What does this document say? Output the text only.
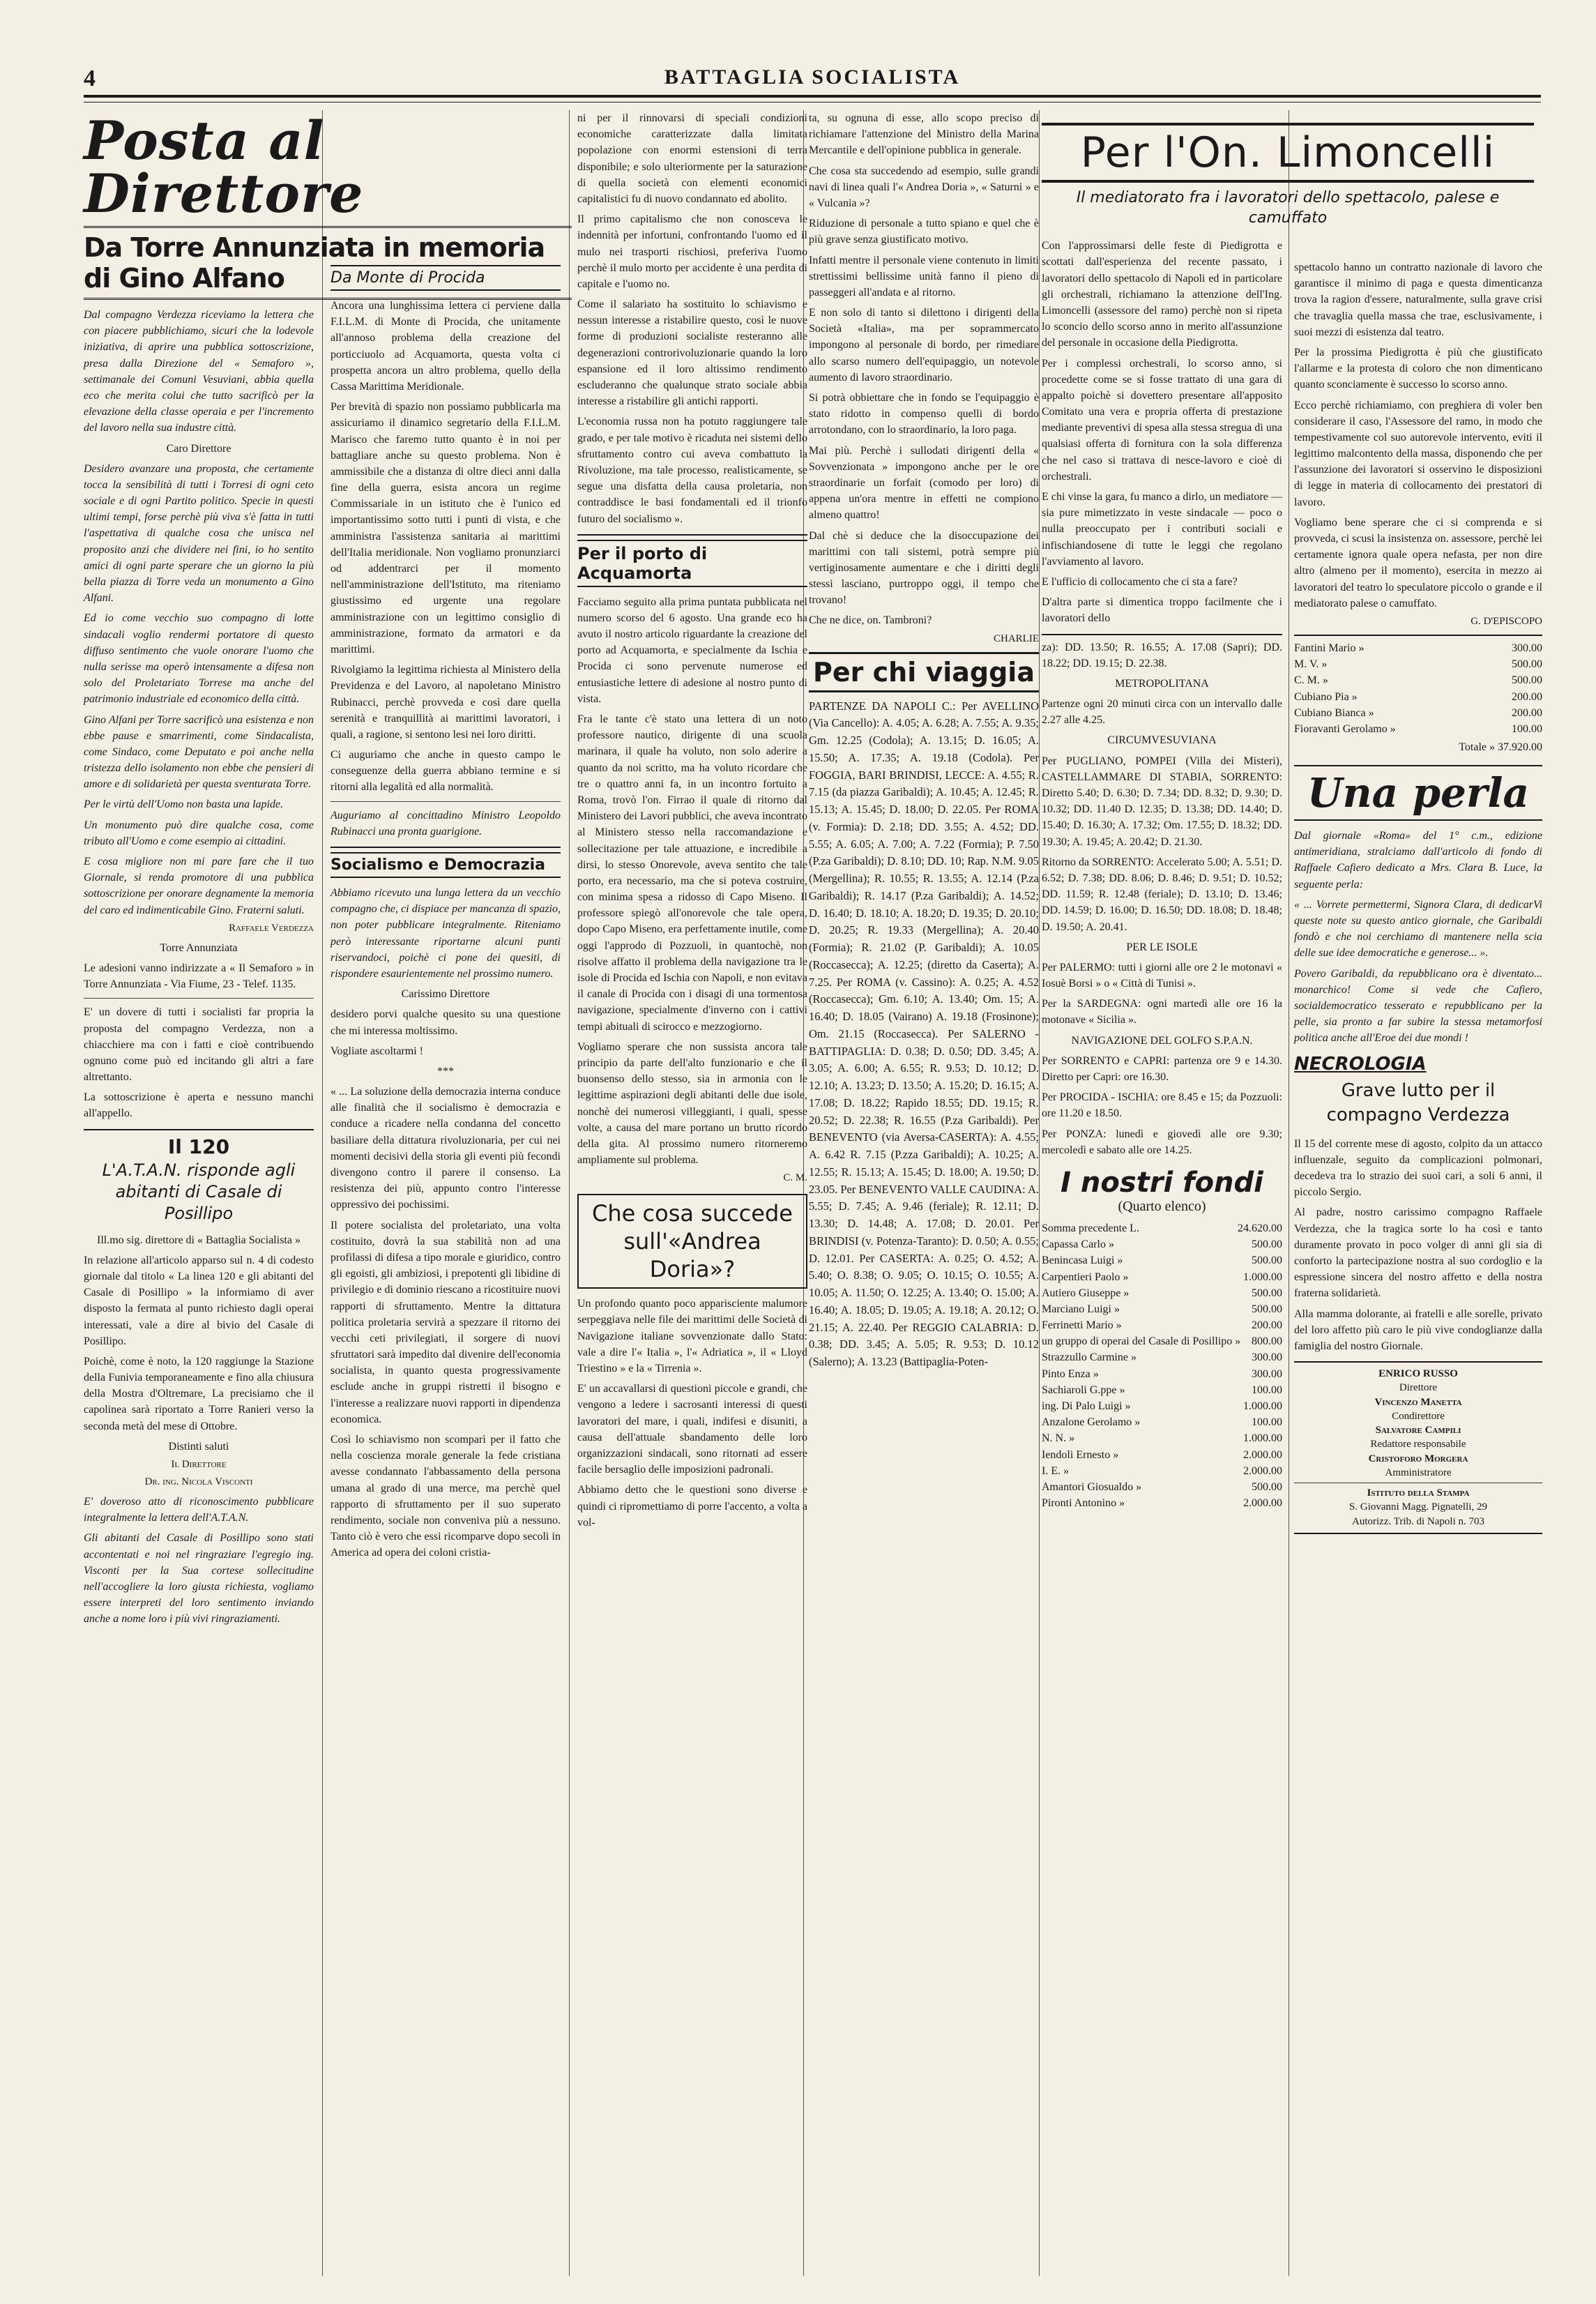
4	BATTAGLIA SOCIALISTA
Posta al Direttore
Da Torre Annunziata in memoria di Gino Alfano

Dal compagno Verdezza riceviamo la lettera che con piacere pubblichiamo, sicuri che la lodevole iniziativa, di aprire una pubblica sottoscrizione, presa dalla Direzione del « Semaforo », settimanale dei Comuni Vesuviani, abbia quella eco che merita colui che tutto sacrificò per la elevazione della classe operaia e per l'incremento del lavoro nella sua industre città.

Caro Direttore

Desidero avanzare una proposta, che certamente tocca la sensibilità di tutti i Torresi di ogni ceto sociale e di ogni Partito politico. Specie in questi ultimi tempi, forse perchè più viva s'è fatta in tutti l'aspettativa di qualche cosa che unisca nel proposito anzi che dividere nei fini, io ho sentito amici di ogni parte sperare che un giorno la più bella piazza di Torre veda un monumento a Gino Alfani.

Ed io come vecchio suo compagno di lotte sindacali voglio rendermi portatore di questo diffuso sentimento che vuole onorare l'uomo che nulla serisse ma operò intensamente a difesa non solo del Proletariato Torrese ma anche del patrimonio industriale ed economico della città.

Gino Alfani per Torre sacrificò una esistenza e non ebbe pause e smarrimenti, come Sindacalista, come Sindaco, come Deputato e poi anche nella tristezza dello isolamento non ebbe che pensieri di amore e di solidarietà per questa sventurata Torre.

Per le virtù dell'Uomo non basta una lapide.

Un monumento può dire qualche cosa, come tributo all'Uomo e come esempio ai cittadini.

E cosa migliore non mi pare fare che il tuo Giornale, si renda promotore di una pubblica sottoscrizione per onorare degnamente la memoria del caro ed indimenticabile Gino. Fraterni saluti.

Raffaele Verdezza

Torre Annunziata

Le adesioni vanno indirizzate a « Il Semaforo » in Torre Annunziata - Via Fiume, 23 - Telef. 1135.

E' un dovere di tutti i socialisti far propria la proposta del compagno Verdezza, non a chiacchiere ma con i fatti e cioè contribuendo ognuno come può ed incitando gli altri a fare altrettanto.

La sottoscrizione è aperta e nessuno manchi all'appello.

Il 120
L'A.T.A.N. risponde agli abitanti di Casale di Posillipo

Ill.mo sig. direttore di « Battaglia Socialista »

In relazione all'articolo apparso sul n. 4 di codesto giornale dal titolo « La linea 120 e gli abitanti del Casale di Posillipo » la informiamo di aver disposto la fermata al punto richiesto dagli operai interessati, vale a dire al bivio del Casale di Posillipo.

Poichè, come è noto, la 120 raggiunge la Stazione della Funivia temporaneamente e fino alla chiusura della Mostra d'Oltremare, La precisiamo che il capolinea sarà riportato a Torre Ranieri verso la seconda metà del mese di Ottobre.

Distinti saluti

Il Direttore
Dr. ing. Nicola Visconti

E' doveroso atto di riconoscimento pubblicare integralmente la lettera dell'A.T.A.N.

Gli abitanti del Casale di Posillipo sono stati accontentati e noi nel ringraziare l'egregio ing. Visconti per la Sua cortese sollecitudine nell'accogliere la loro giusta richiesta, vogliamo essere interpreti del loro sentimento inviando anche a nome loro i più vivi ringraziamenti.

Da Monte di Procida

Ancora una lunghissima lettera ci perviene dalla F.I.L.M. di Monte di Procida, che unitamente all'annoso problema della creazione del porticciuolo ad Acquamorta, questa volta ci prospetta ancora un altro problema, quello della Cassa Marittima Meridionale.

Per brevità di spazio non possiamo pubblicarla ma assicuriamo il dinamico segretario della F.I.L.M. Marisco che faremo tutto quanto è in noi per battagliare anche su questo problema. Non è ammissibile che a distanza di oltre dieci anni dalla fine della guerra, esista ancora un regime Commissariale in un istituto che è l'unico ed importantissimo sotto tutti i punti di vista, e che amministra l'assistenza sanitaria ai marittimi dell'Italia meridionale. Non vogliamo pronunziarci od addentrarci per il momento nell'amministrazione dell'Istituto, ma riteniamo giustissimo ed urgente una regolare amministrazione con un legittimo consiglio di amministrazione, formato da armatori e da marittimi.

Rivolgiamo la legittima richiesta al Ministero della Previdenza e del Lavoro, al napoletano Ministro Rubinacci, perchè provveda e così dare quella serenità e tranquillità ai marittimi lavoratori, i quali, a ragione, si sentono lesi nei loro diritti.

Ci auguriamo che anche in questo campo le conseguenze della guerra abbiano termine e si ritorni alla legalità ed alla normalità.

Auguriamo al concittadino Ministro Leopoldo Rubinacci una pronta guarigione.

Socialismo e Democrazia

Abbiamo ricevuto una lunga lettera da un vecchio compagno che, ci dispiace per mancanza di spazio, non poter pubblicare integralmente. Riteniamo però interessante riportarne alcuni punti riservandoci, poichè ci pone dei quesiti, di rispondere esaurientemente nel prossimo numero.

Carissimo Direttore

desidero porvi qualche quesito su una questione che mi interessa moltissimo.

Vogliate ascoltarmi !

***

« ... La soluzione della democrazia interna conduce alle finalità che il socialismo è democrazia e conduce a ricadere nella condanna del concetto basiliare della dittatura rivoluzionaria, per cui nei momenti decisivi della storia gli eventi più fecondi divengono contro il parere il consenso. La resistenza dei più, appunto contro l'interesse oppressivo dei pochissimi.

Il potere socialista del proletariato, una volta costituito, dovrà la sua stabilità non ad una profilassi di difesa a tipo morale e giuridico, contro gli egoisti, gli ambiziosi, i prepotenti gli libidine di privilegio e di dominio riescano a ricostituire nuovi rapporti di sfruttamento. Mentre la dittatura politica proletaria servirà a spezzare il ritorno dei vecchi ceti privilegiati, il sorgere di nuovi sfruttatori sarà impedito dal divenire dell'economia socialista, in quanto questa progressivamente esclude anche in gruppi ristretti il bisogno e l'interesse a realizzare nuovi rapporti in dipendenza economica.

Così lo schiavismo non scomparì per il fatto che nella coscienza morale generale la fede cristiana avesse condannato l'abbassamento della persona umana al grado di una merce, ma perchè quel rapporto di sfruttamento per il suo superato rendimento, sociale non conveniva più a nessuno. Tanto ciò è vero che essi ricomparve dopo secoli in America ad opera dei coloni cristia-

ni per il rinnovarsi di speciali condizioni economiche caratterizzate dalla limitata popolazione con enormi estensioni di terra disponibile; e solo ulteriormente per la saturazione di quella società con elementi economici capitalistici fu di nuovo condannato ed abolito.

Il primo capitalismo che non conosceva le indennità per infortuni, confrontando l'uomo ed il mulo nei trasporti rischiosi, preferiva l'uomo perchè il mulo morto per accidente è una perdita di capitale e l'uomo no.

Come il salariato ha sostituito lo schiavismo e nessun interesse a ristabilire questo, così le nuove forme di produzioni socialiste resteranno alle degenerazioni controrivoluzionarie quando la loro espansione ed il loro altissimo rendimento escluderanno che qualunque strato sociale abbia interesse a ristabilire gli antichi rapporti.

L'economia russa non ha potuto raggiungere tale grado, e per tale motivo è ricaduta nei sistemi dello sfruttamento contro cui aveva combattuto la Rivoluzione, ma tale processo, realisticamente, se segue una disfatta della causa proletaria, non contraddisce le basi fondamentali ed il trionfo futuro del socialismo ».

Per il porto di Acquamorta

Facciamo seguito alla prima puntata pubblicata nel numero scorso del 6 agosto. Una grande eco ha avuto il nostro articolo riguardante la creazione del porto ad Acquamorta, e specialmente da Ischia e Procida ci sono pervenute numerose ed entusiastiche lettere di adesione al nostro punto di vista.

Fra le tante c'è stato una lettera di un noto professore nautico, dirigente di una scuola marinara, il quale ha voluto, non solo aderire a quanto da noi scritto, ma ha voluto ricordare che tre o quattro anni fa, in un incontro fortuito a Roma, trovò l'on. Firrao il quale di ritorno dal Ministero dei Lavori pubblici, che aveva incontrato al Ministero stesso nella raccomandazione e sollecitazione per tale attuazione, e incredibile a dirsi, lo stesso Onorevole, aveva sentito che tale porto, era necessario, ma che si poteva costruire, con minima spesa a ridosso di Capo Miseno. Il professore spiegò all'onorevole che tale opera, dopo Capo Miseno, era perfettamente inutile, come oggi l'approdo di Pozzuoli, in quantochè, non risolve affatto il problema della navigazione tra le isole di Procida ed Ischia con Napoli, e non evitava il canale di Procida con i disagi di una tormentosa navigazione, specialmente d'inverno con i cattivi tempi abituali di scirocco e mezzogiorno.

Vogliamo sperare che non sussista ancora tale principio da parte dell'alto funzionario e che il buonsenso dello stesso, sia in armonia con le legittime aspirazioni degli abitanti delle due isole, nonchè dei numerosi villeggianti, i quali, spesse volte, a causa del mare portano un brutto ricordo della gita. Al prossimo numero ritorneremo ampliamente sul problema.

C. M.
Che cosa succede sull'«Andrea Doria»?

Un profondo quanto poco apparisciente malumore serpeggiava nelle file dei marittimi delle Società di Navigazione italiane sovvenzionate dallo Stato: vale a dire l'« Italia », l'« Adriatica », il « Lloyd Triestino » e la « Tirrenia ».

E' un accavallarsi di questioni piccole e grandi, che vengono a ledere i sacrosanti interessi di questi lavoratori del mare, i quali, indifesi e disuniti, a causa dell'attuale sbandamento delle loro organizzazioni sindacali, sono ritornati ad essere facile bersaglio delle imposizioni padronali.

Abbiamo detto che le questioni sono diverse e quindi ci ripromettiamo di porre l'accento, a volta a vol-

ta, su ognuna di esse, allo scopo preciso di richiamare l'attenzione del Ministro della Marina Mercantile e dell'opinione pubblica in generale.

Che cosa sta succedendo ad esempio, sulle grandi navi di linea quali l'« Andrea Doria », « Saturni » e « Vulcania »?

Riduzione di personale a tutto spiano e quel che è più grave senza giustificato motivo.

Infatti mentre il personale viene contenuto in limiti strettissimi bellissime unità fanno il pieno di passeggeri all'andata e al ritorno.

E non solo di tanto si dilettono i dirigenti della Società «Italia», ma per soprammercato impongono al personale di bordo, per rimediare allo scarso numero dell'equipaggio, un notevole aumento di lavoro straordinario.

Si potrà obbiettare che in fondo se l'equipaggio è stato ridotto in compenso quelli di bordo arrotondano, con lo straordinario, la loro paga.

Mai più. Perchè i sullodati dirigenti della « Sovvenzionata » impongono anche per le ore straordinarie un forfait (comodo per loro) di appena un'ora mentre in effetti ne compiono almeno quattro!

Dal chè si deduce che la disoccupazione dei marittimi con tali sistemi, potrà sempre più vertiginosamente aumentare e che i diritti degli stessi lasciano, purtroppo oggi, il tempo che trovano!

Che ne dice, on. Tambroni?

CHARLIE
Per chi viaggia

PARTENZE DA NAPOLI C.: Per AVELLINO (Via Cancello): A. 4.05; A. 6.28; A. 7.55; A. 9.35; Gm. 12.25 (Codola); A. 13.15; D. 16.05; A. 15.50; A. 17.35; A. 19.18 (Codola). Per FOGGIA, BARI BRINDISI, LECCE: A. 4.55; R. 7.15 (da piazza Garibaldi); A. 10.45; A. 12.45; R. 15.13; A. 15.45; D. 18.00; D. 22.05. Per ROMA (v. Formia): D. 2.18; DD. 3.55; A. 4.52; DD. 5.55; A. 6.05; A. 7.00; A. 7.22 (Formia); P. 7.50 (P.za Garibaldi); D. 8.10; DD. 10; Rap. N.M. 9.05 (Mergellina); R. 10.55; R. 13.55; A. 12.14 (P.za Garibaldi); R. 14.17 (P.za Garibaldi); A. 14.52; D. 16.40; D. 18.10; A. 18.20; D. 19.35; D. 20.10; D. 20.25; R. 19.33 (Mergellina); A. 20.40 (Formia); R. 21.02 (P. Garibaldi); A. 10.05 (Roccasecca); A. 12.25; (diretto da Caserta); A. 7.25. Per ROMA (v. Cassino): A. 0.25; A. 4.52 (Roccasecca); Gm. 6.10; A. 13.40; Om. 15; A. 16.40; D. 18.05 (Vairano) A. 19.18 (Frosinone); Om. 21.15 (Roccasecca). Per SALERNO - BATTIPAGLIA: D. 0.38; D. 0.50; DD. 3.45; A. 3.05; A. 6.00; A. 6.55; R. 9.53; D. 10.12; D. 12.10; A. 13.23; D. 13.50; A. 15.20; D. 16.15; A. 17.08; D. 18.22; Rapido 18.55; DD. 19.15; R. 20.52; D. 22.38; R. 16.55 (P.za Garibaldi). Per BENEVENTO (via Aversa-CASERTA): A. 4.55; A. 6.42 R. 7.15 (P.zza Garibaldi); A. 10.25; A. 12.55; R. 15.13; A. 15.45; D. 18.00; A. 19.50; D. 23.05. Per BENEVENTO VALLE CAUDINA: A. 5.55; D. 7.45; A. 9.46 (feriale); R. 12.11; D. 13.30; D. 14.48; A. 17.08; D. 20.01. Per BRINDISI (v. Potenza-Taranto): D. 0.50; A. 0.55; D. 12.01. Per CASERTA: A. 0.25; O. 4.52; A. 5.40; O. 8.38; O. 9.05; O. 10.15; O. 10.55; A. 10.05; A. 11.50; O. 12.25; A. 13.40; O. 15.00; A. 16.40; A. 18.05; D. 19.05; A. 19.18; A. 20.12; O. 21.15; A. 22.40. Per REGGIO CALABRIA: D. 0.38; DD. 3.45; A. 5.05; R. 9.53; D. 10.12 (Salerno); A. 13.23 (Battipaglia-Poten-

Per l'On. Limoncelli
Il mediatorato fra i lavoratori dello spettacolo, palese e camuffato

Con l'approssimarsi delle feste di Piedigrotta e scottati dall'esperienza del recente passato, i lavoratori dello spettacolo di Napoli ed in particolare gli orchestrali, richiamano la attenzione dell'Ing. Limoncelli (assessore del ramo) perchè non si ripeta lo sconcio dello scorso anno in merito all'assunzione del personale in occasione della Piedigrotta.

Per i complessi orchestrali, lo scorso anno, si procedette come se si fosse trattato di una gara di appalto poichè si dovettero presentare all'apposito Comitato una vera e propria offerta di prestazione mediante preventivi di spesa alla stessa stregua di una qualsiasi offerta di fornitura con la sola differenza che nel caso si trattava di nesce-lavoro e cioè di orchestrali.

E chi vinse la gara, fu manco a dirlo, un mediatore — sia pure mimetizzato in veste sindacale — poco o nulla preoccupato per i contributi sociali e infischiandosene di tutte le leggi che regolano l'avviamento al lavoro.

E l'ufficio di collocamento che ci sta a fare?

D'altra parte si dimentica troppo facilmente che i lavoratori dello

za): DD. 13.50; R. 16.55; A. 17.08 (Sapri); DD. 18.22; DD. 19.15; D. 22.38.

METROPOLITANA

Partenze ogni 20 minuti circa con un intervallo dalle 2.27 alle 4.25.

CIRCUMVESUVIANA

Per PUGLIANO, POMPEI (Villa dei Misteri), CASTELLAMMARE DI STABIA, SORRENTO: Diretto 5.40; D. 6.30; D. 7.34; DD. 8.32; D. 9.30; D. 10.32; DD. 11.40 D. 12.35; D. 13.38; DD. 14.40; D. 15.40; D. 16.30; A. 17.32; Om. 17.55; D. 18.32; DD. 19.30; A. 19.45; A. 20.42; D. 21.30.

Ritorno da SORRENTO: Accelerato 5.00; A. 5.51; D. 6.52; D. 7.38; DD. 8.06; D. 8.46; D. 9.51; D. 10.52; DD. 11.59; R. 12.48 (feriale); D. 13.10; D. 13.46; DD. 14.59; D. 16.00; D. 16.50; DD. 18.08; D. 18.48; D. 19.50; A. 20.41.

PER LE ISOLE

Per PALERMO: tutti i giorni alle ore 2 le motonavi « Iosuè Borsi » o « Città di Tunisi ».

Per la SARDEGNA: ogni martedì alle ore 16 la motonave « Sicilia ».

NAVIGAZIONE DEL GOLFO S.P.A.N.

Per SORRENTO e CAPRI: partenza ore 9 e 14.30. Diretto per Capri: ore 16.30.

Per PROCIDA - ISCHIA: ore 8.45 e 15; da Pozzuoli: ore 11.20 e 18.50.

Per PONZA: lunedì e giovedì alle ore 9.30; mercoledì e sabato alle ore 14.25.

I nostri fondi
(Quarto elenco)
Somma precedente L.	24.620.00
Capassa Carlo »	500.00
Benincasa Luigi »	500.00
Carpentieri Paolo »	1.000.00
Autiero Giuseppe »	500.00
Marciano Luigi »	500.00
Ferrinetti Mario »	200.00
un gruppo di operai del Casale di Posillipo » 800.00
Strazzullo Carmine »	300.00
Pinto Enza »	300.00
Sachiaroli G.ppe »	100.00
ing. Di Palo Luigi »	1.000.00
Anzalone Gerolamo »	100.00
N. N. »	1.000.00
Iendoli Ernesto »	2.000.00
I. E. »	2.000.00
Amantori Giosualdo »	500.00
Pironti Antonino »	2.000.00

spettacolo hanno un contratto nazionale di lavoro che garantisce il minimo di paga e questa dimenticanza trova la ragion d'essere, naturalmente, sulla grave crisi che travaglia quella massa che trae, esclusivamente, i suoi mezzi di esistenza dal teatro.

Per la prossima Piedigrotta è più che giustificato l'allarme e la protesta di coloro che non dimenticano quanto sconciamente è successo lo scorso anno.

Ecco perchè richiamiamo, con preghiera di voler ben considerare il caso, l'Assessore del ramo, in modo che tempestivamente col suo autorevole intervento, eviti il legittimo malcontento della massa, disponendo che per l'assunzione dei lavoratori si osservino le disposizioni di legge in materia di collocamento dei prestatori di lavoro.

Vogliamo bene sperare che ci si comprenda e si provveda, ci scusi la insistenza on. assessore, perchè lei certamente ignora quale opera nefasta, per non dire altro (almeno per il momento), esercita in mezzo ai lavoratori del teatro lo speculatore piccolo o grande e il mediatorato palese o camuffato.

G. D'EPISCOPO
Fantini Mario »	300.00
M. V. »	500.00
C. M. »	500.00
Cubiano Pia »	200.00
Cubiano Bianca »	200.00
Fioravanti Gerolamo »	100.00
Totale » 37.920.00
Una perla

Dal giornale «Roma» del 1° c.m., edizione antimeridiana, stralciamo dall'articolo di fondo di Raffaele Cafiero dedicato a Mrs. Clara B. Luce, la seguente perla:

« ... Vorrete permettermi, Signora Clara, di dedicarVi queste note su questo antico giornale, che Garibaldi fondò e che noi cerchiamo di mantenere nella scia delle sue idee democratiche e generose... ».

Povero Garibaldi, da repubblicano ora è diventato... monarchico! Come si vede che Cafiero, socialdemocratico tesserato e repubblicano per la pelle, sia pronto a far subire la stessa metamorfosi politica anche all'Eroe dei due mondi !

NECROLOGIA
Grave lutto per il compagno Verdezza

Il 15 del corrente mese di agosto, colpito da un attacco influenzale, seguito da complicazioni polmonari, decedeva tra lo strazio dei suoi cari, a soli 6 anni, il piccolo Sergio.

Al padre, nostro carissimo compagno Raffaele Verdezza, che la tragica sorte lo ha così e tanto duramente provato in poco volger di anni gli sia di conforto la partecipazione nostra al suo cordoglio e la espressione sincera del nostro affetto e della nostra fraterna solidarietà.

Alla mamma dolorante, ai fratelli e alle sorelle, privato del loro affetto più caro le più vive condoglianze dalla famiglia del nostro Giornale.

ENRICO RUSSO
Direttore
Vincenzo Manetta
Condirettore
Salvatore Campili
Redattore responsabile
Cristoforo Morgera
Amministratore
Istituto della Stampa
S. Giovanni Magg. Pignatelli, 29
Autorizz. Trib. di Napoli n. 703
